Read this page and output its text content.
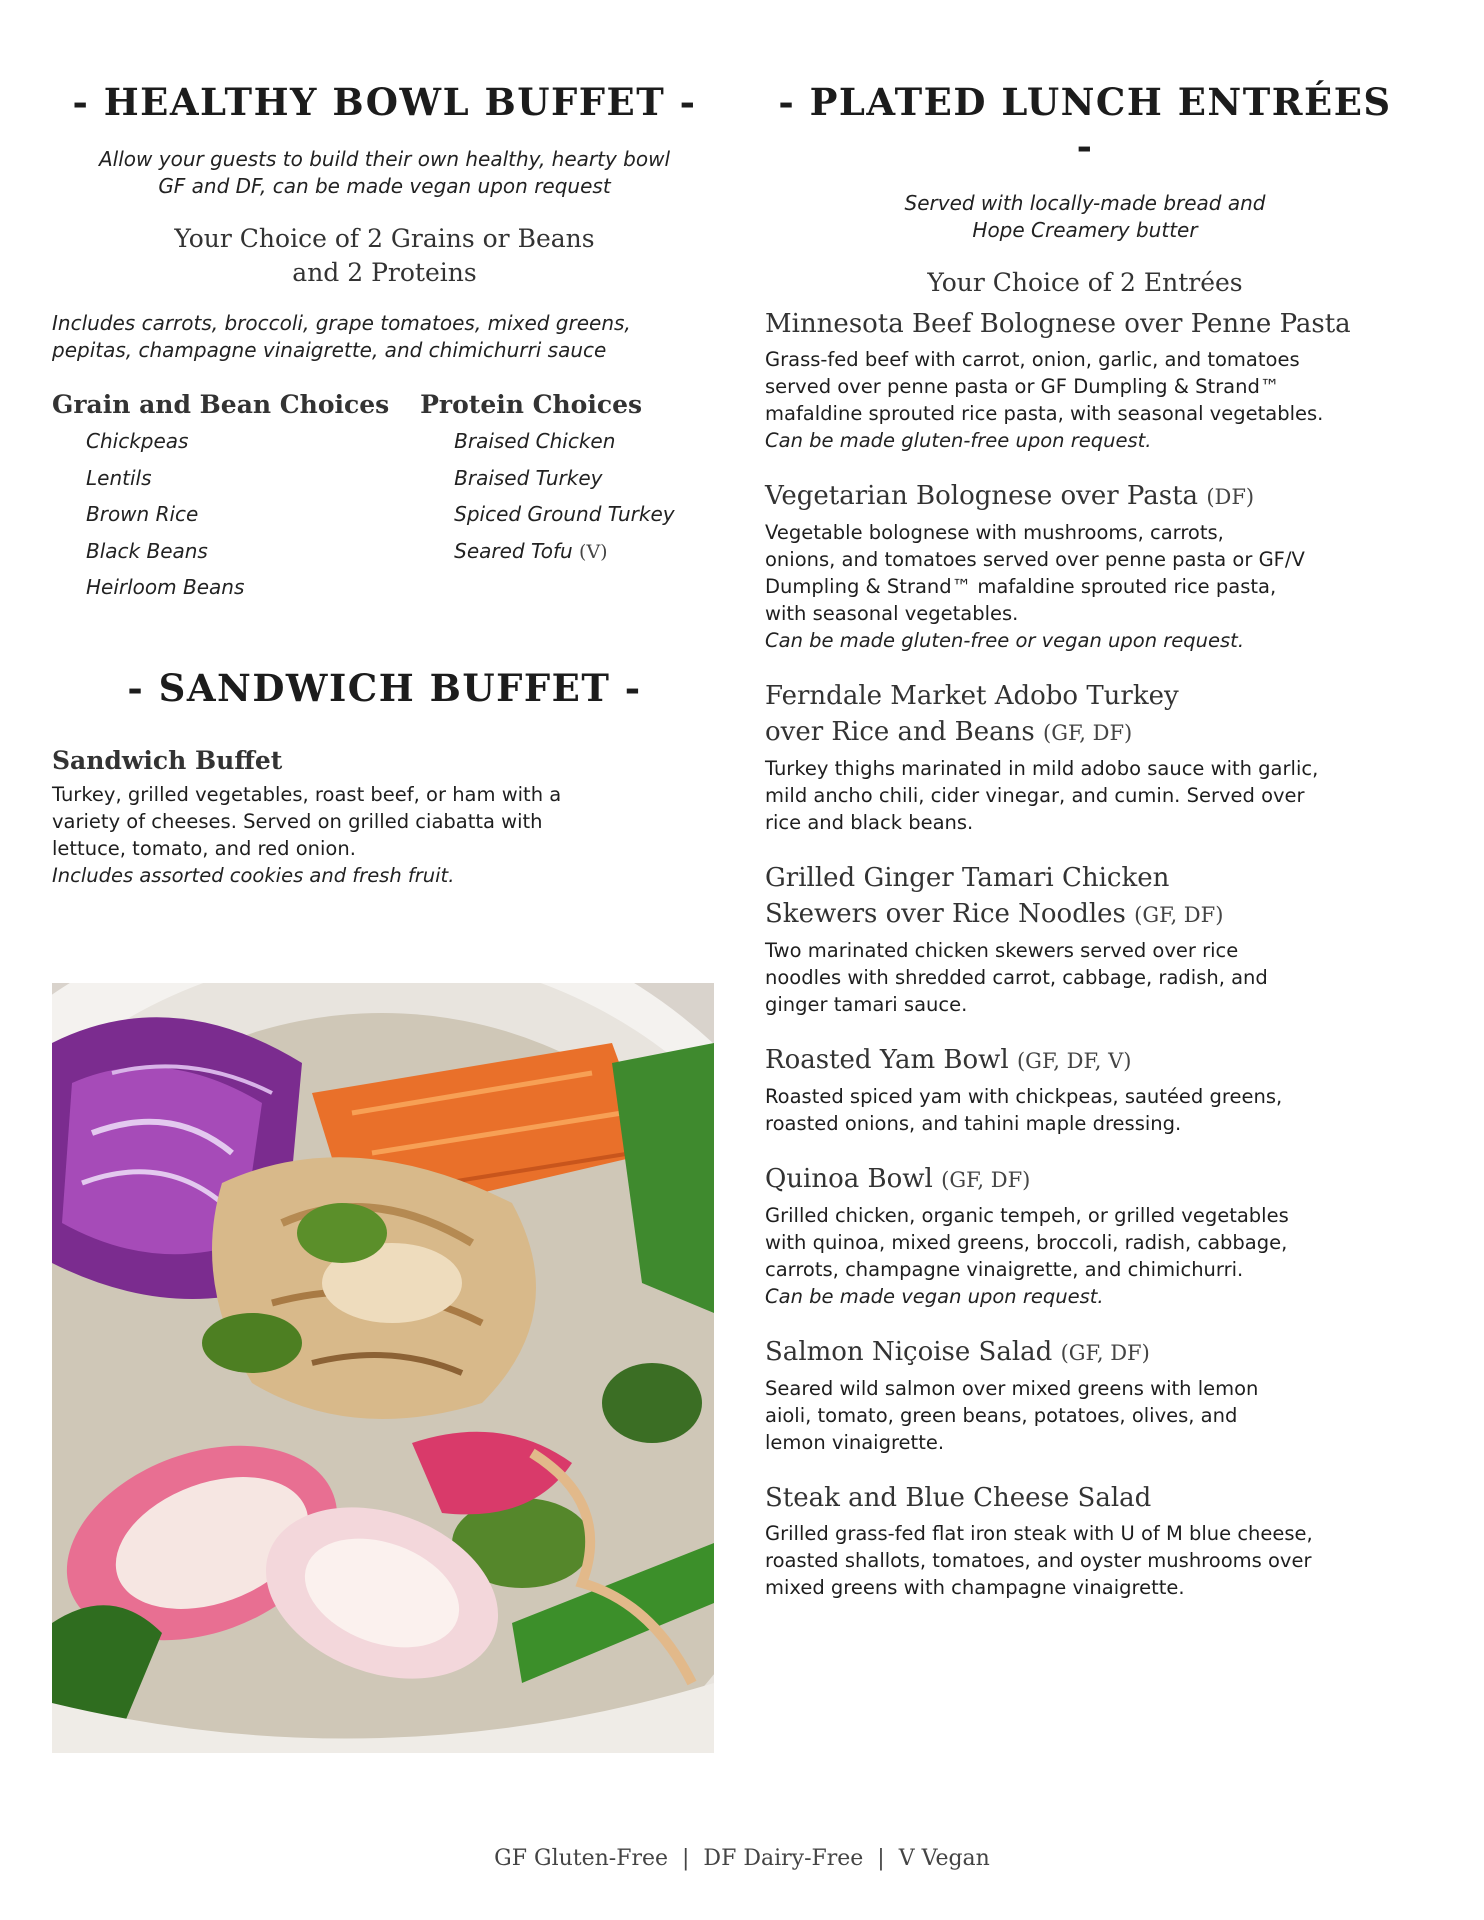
- HEALTHY BOWL BUFFET -
Allow your guests to build their own healthy, hearty bowl
GF and DF, can be made vegan upon request
Your Choice of 2 Grains or Beans
and 2 Proteins
Includes carrots, broccoli, grape tomatoes, mixed greens,
pepitas, champagne vinaigrette, and chimichurri sauce
Grain and Bean Choices
Chickpeas
Lentils
Brown Rice
Black Beans
Heirloom Beans
Protein Choices
Braised Chicken
Braised Turkey
Spiced Ground Turkey
Seared Tofu (V)
- SANDWICH BUFFET -
Sandwich Buffet
Turkey, grilled vegetables, roast beef, or ham with a
variety of cheeses. Served on grilled ciabatta with
lettuce, tomato, and red onion.
Includes assorted cookies and fresh fruit.
- PLATED LUNCH ENTRÉES -
Served with locally-made bread and
Hope Creamery butter
Your Choice of 2 Entrées
Minnesota Beef Bolognese over Penne Pasta
Grass-fed beef with carrot, onion, garlic, and tomatoes
served over penne pasta or GF Dumpling & Strand™
mafaldine sprouted rice pasta, with seasonal vegetables.
Can be made gluten-free upon request.
Vegetarian Bolognese over Pasta (DF)
Vegetable bolognese with mushrooms, carrots,
onions, and tomatoes served over penne pasta or GF/V
Dumpling & Strand™ mafaldine sprouted rice pasta,
with seasonal vegetables.
Can be made gluten-free or vegan upon request.
Ferndale Market Adobo Turkey
over Rice and Beans (GF, DF)
Turkey thighs marinated in mild adobo sauce with garlic,
mild ancho chili, cider vinegar, and cumin. Served over
rice and black beans.
Grilled Ginger Tamari Chicken
Skewers over Rice Noodles (GF, DF)
Two marinated chicken skewers served over rice
noodles with shredded carrot, cabbage, radish, and
ginger tamari sauce.
Roasted Yam Bowl (GF, DF, V)
Roasted spiced yam with chickpeas, sautéed greens,
roasted onions, and tahini maple dressing.
Quinoa Bowl (GF, DF)
Grilled chicken, organic tempeh, or grilled vegetables
with quinoa, mixed greens, broccoli, radish, cabbage,
carrots, champagne vinaigrette, and chimichurri.
Can be made vegan upon request.
Salmon Niçoise Salad (GF, DF)
Seared wild salmon over mixed greens with lemon
aioli, tomato, green beans, potatoes, olives, and
lemon vinaigrette.
Steak and Blue Cheese Salad
Grilled grass-fed flat iron steak with U of M blue cheese,
roasted shallots, tomatoes, and oyster mushrooms over
mixed greens with champagne vinaigrette.
GF Gluten-Free  |  DF Dairy-Free  |  V Vegan
